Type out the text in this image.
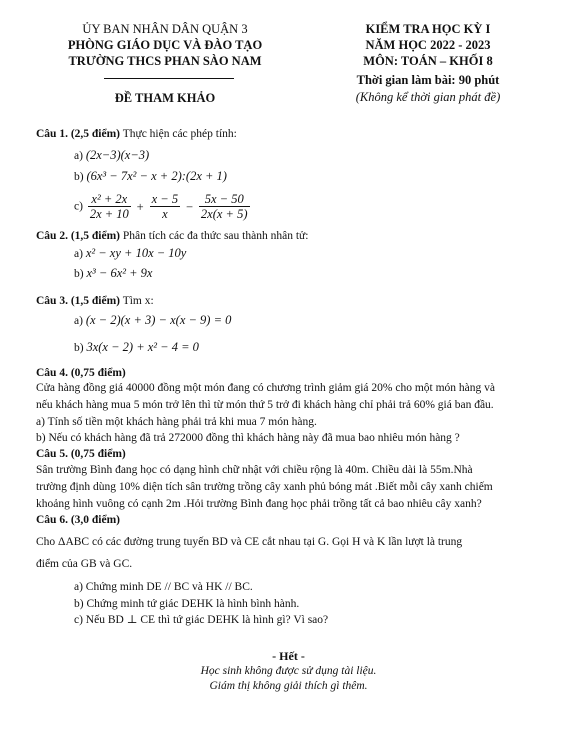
ỦY BAN NHÂN DÂN QUẬN 3
PHÒNG GIÁO DỤC VÀ ĐÀO TẠO
TRƯỜNG THCS PHAN SÀO NAM
ĐỀ THAM KHẢO
KIỂM TRA HỌC KỲ I
NĂM HỌC 2022 - 2023
MÔN: TOÁN – KHỐI 8
Thời gian làm bài: 90 phút
(Không kể thời gian phát đề)
Câu 1. (2,5 điểm) Thực hiện các phép tính:
a) (2x−3)(x−3)
b) (6x³ − 7x² − x + 2):(2x + 1)
$c) \frac{\text{x² + 2x}}{2x + 10} + \frac{x - 5}{x} - \frac{5x - 50}{2x(x + 5)}$
Câu 2. (1,5 điểm) Phân tích các đa thức sau thành nhân tử:
a) x² − xy + 10x − 10y
b) x³ − 6x² + 9x
Câu 3. (1,5 điểm) Tìm x:
a) (x − 2)(x + 3) − x(x − 9) = 0
b) 3x(x − 2) + x² − 4 = 0
Câu 4. (0,75 điểm)
Cửa hàng đồng giá 40000 đồng một món đang có chương trình giảm giá 20% cho một món hàng và
nếu khách hàng mua 5 món trở lên thì từ món thứ 5 trở đi khách hàng chỉ phải trả 60% giá ban đầu.
a) Tính số tiền một khách hàng phải trả khi mua 7 món hàng.
b) Nếu có khách hàng đã trả 272000 đồng thì khách hàng này đã mua bao nhiêu món hàng ?
Câu 5. (0,75 điểm)
Sân trường Bình đang học có dạng hình chữ nhật với chiều rộng là 40m. Chiều dài là 55m.Nhà
trường định dùng 10% diện tích sân trường trồng cây xanh phủ bóng mát .Biết mỗi cây xanh chiếm
khoảng hình vuông có cạnh 2m .Hỏi trường Bình đang học phải trồng tất cả bao nhiêu cây xanh?
Câu 6. (3,0 điểm)
Cho ΔABC có các đường trung tuyến BD và CE cắt nhau tại G. Gọi H và K lần lượt là trung
điểm của GB và GC.
a) Chứng minh DE // BC và HK // BC.
b) Chứng minh tứ giác DEHK là hình bình hành.
c) Nếu BD ⊥ CE thì tứ giác DEHK là hình gì? Vì sao?
- Hết -
Học sinh không được sử dụng tài liệu.
Giám thị không giải thích gì thêm.
